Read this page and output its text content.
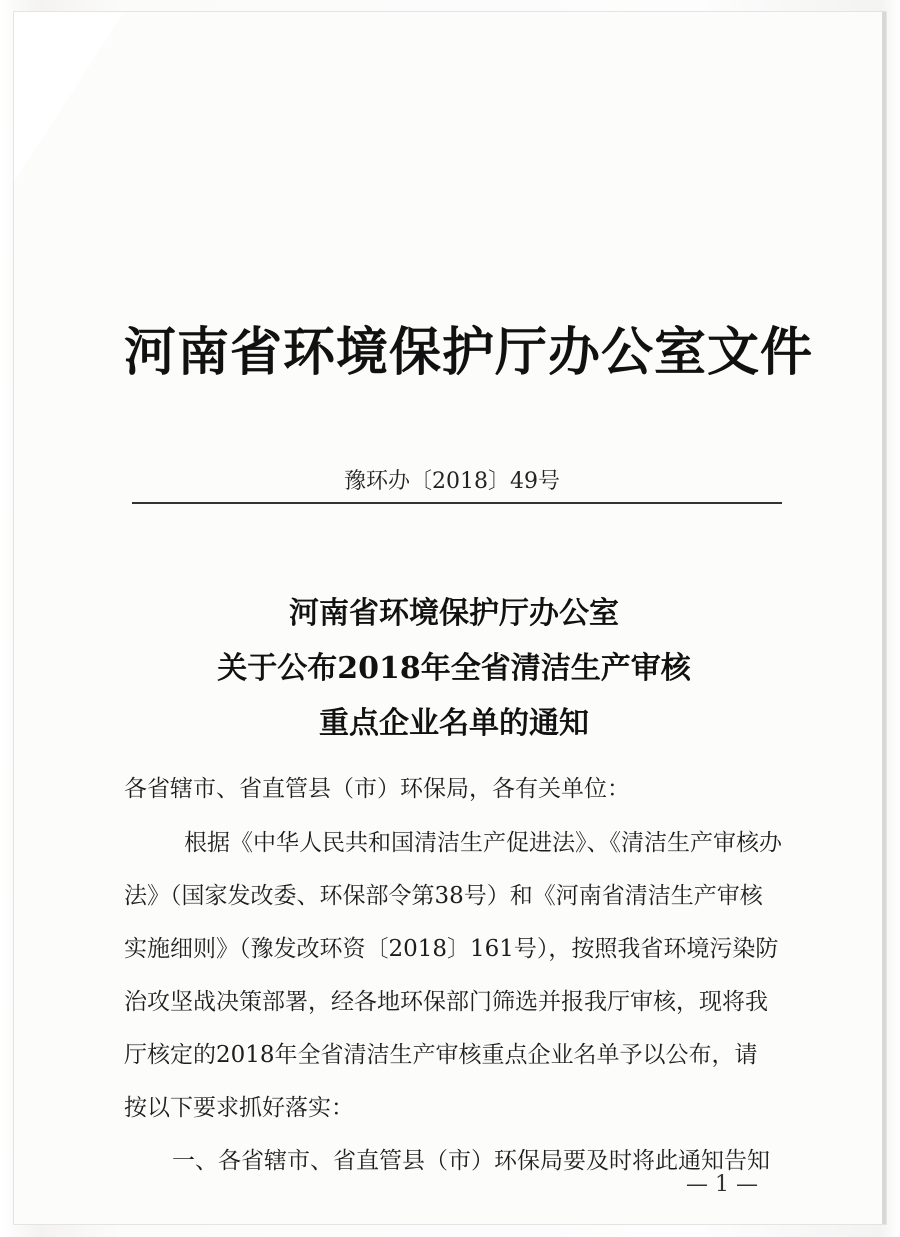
河南省环境保护厅办公室文件
豫环办〔2018〕49号
河南省环境保护厅办公室
关于公布2018年全省清洁生产审核
重点企业名单的通知
各省辖市、省直管县（市）环保局，各有关单位：
根据《中华人民共和国清洁生产促进法》、《清洁生产审核办
法》（国家发改委、环保部令第38号）和《河南省清洁生产审核
实施细则》（豫发改环资〔2018〕161号），按照我省环境污染防
治攻坚战决策部署，经各地环保部门筛选并报我厅审核，现将我
厅核定的2018年全省清洁生产审核重点企业名单予以公布，请
按以下要求抓好落实：
一、各省辖市、省直管县（市）环保局要及时将此通知告知
— 1 —
